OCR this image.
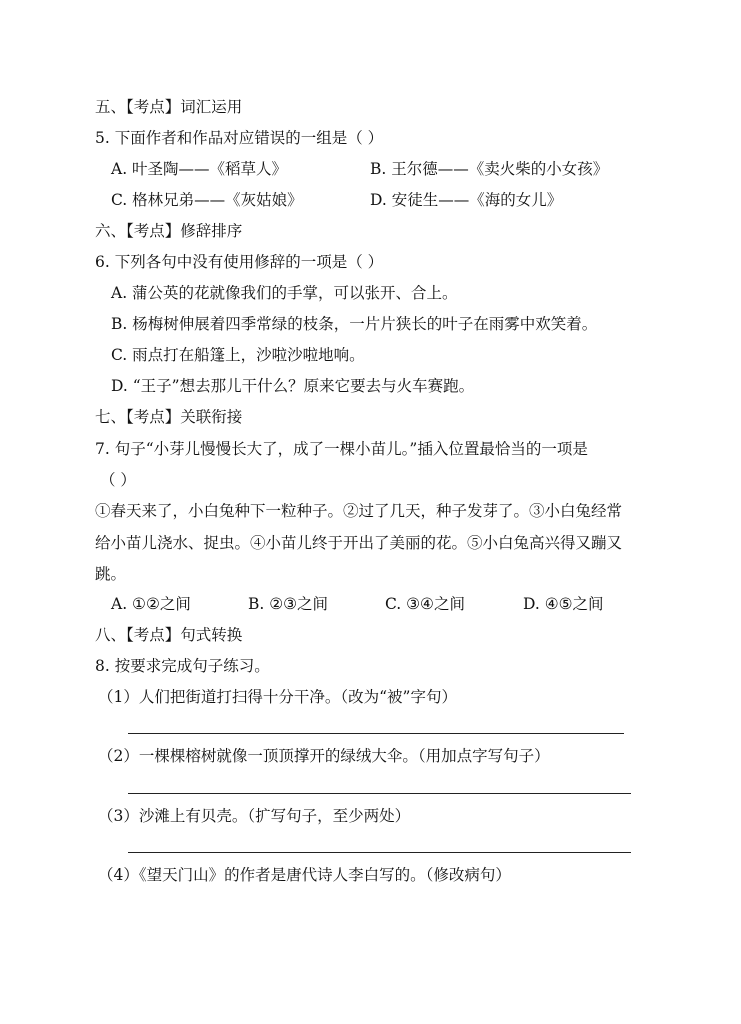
五、【考点】词汇运用
5. 下面作者和作品对应错误的一组是（ ）
A. 叶圣陶——《稻草人》	B. 王尔德——《卖火柴的小女孩》
C. 格林兄弟——《灰姑娘》	D. 安徒生——《海的女儿》
六、【考点】修辞排序
6. 下列各句中没有使用修辞的一项是（ ）
A. 蒲公英的花就像我们的手掌，可以张开、合上。
B. 杨梅树伸展着四季常绿的枝条，一片片狭长的叶子在雨雾中欢笑着。
C. 雨点打在船篷上，沙啦沙啦地响。
D. “王子”想去那儿干什么？原来它要去与火车赛跑。
七、【考点】关联衔接
7. 句子“小芽儿慢慢长大了，成了一棵小苗儿。”插入位置最恰当的一项是
（ ）
①春天来了，小白兔种下一粒种子。②过了几天，种子发芽了。③小白兔经常
给小苗儿浇水、捉虫。④小苗儿终于开出了美丽的花。⑤小白兔高兴得又蹦又
跳。
A. ①②之间	B. ②③之间	C. ③④之间	D. ④⑤之间
八、【考点】句式转换
8. 按要求完成句子练习。
（1）人们把街道打扫得十分干净。（改为“被”字句）
（2）一棵棵榕树就像一顶顶撑开的绿绒大伞。（用加点字写句子）
（3）沙滩上有贝壳。（扩写句子，至少两处）
（4）《望天门山》的作者是唐代诗人李白写的。（修改病句）
